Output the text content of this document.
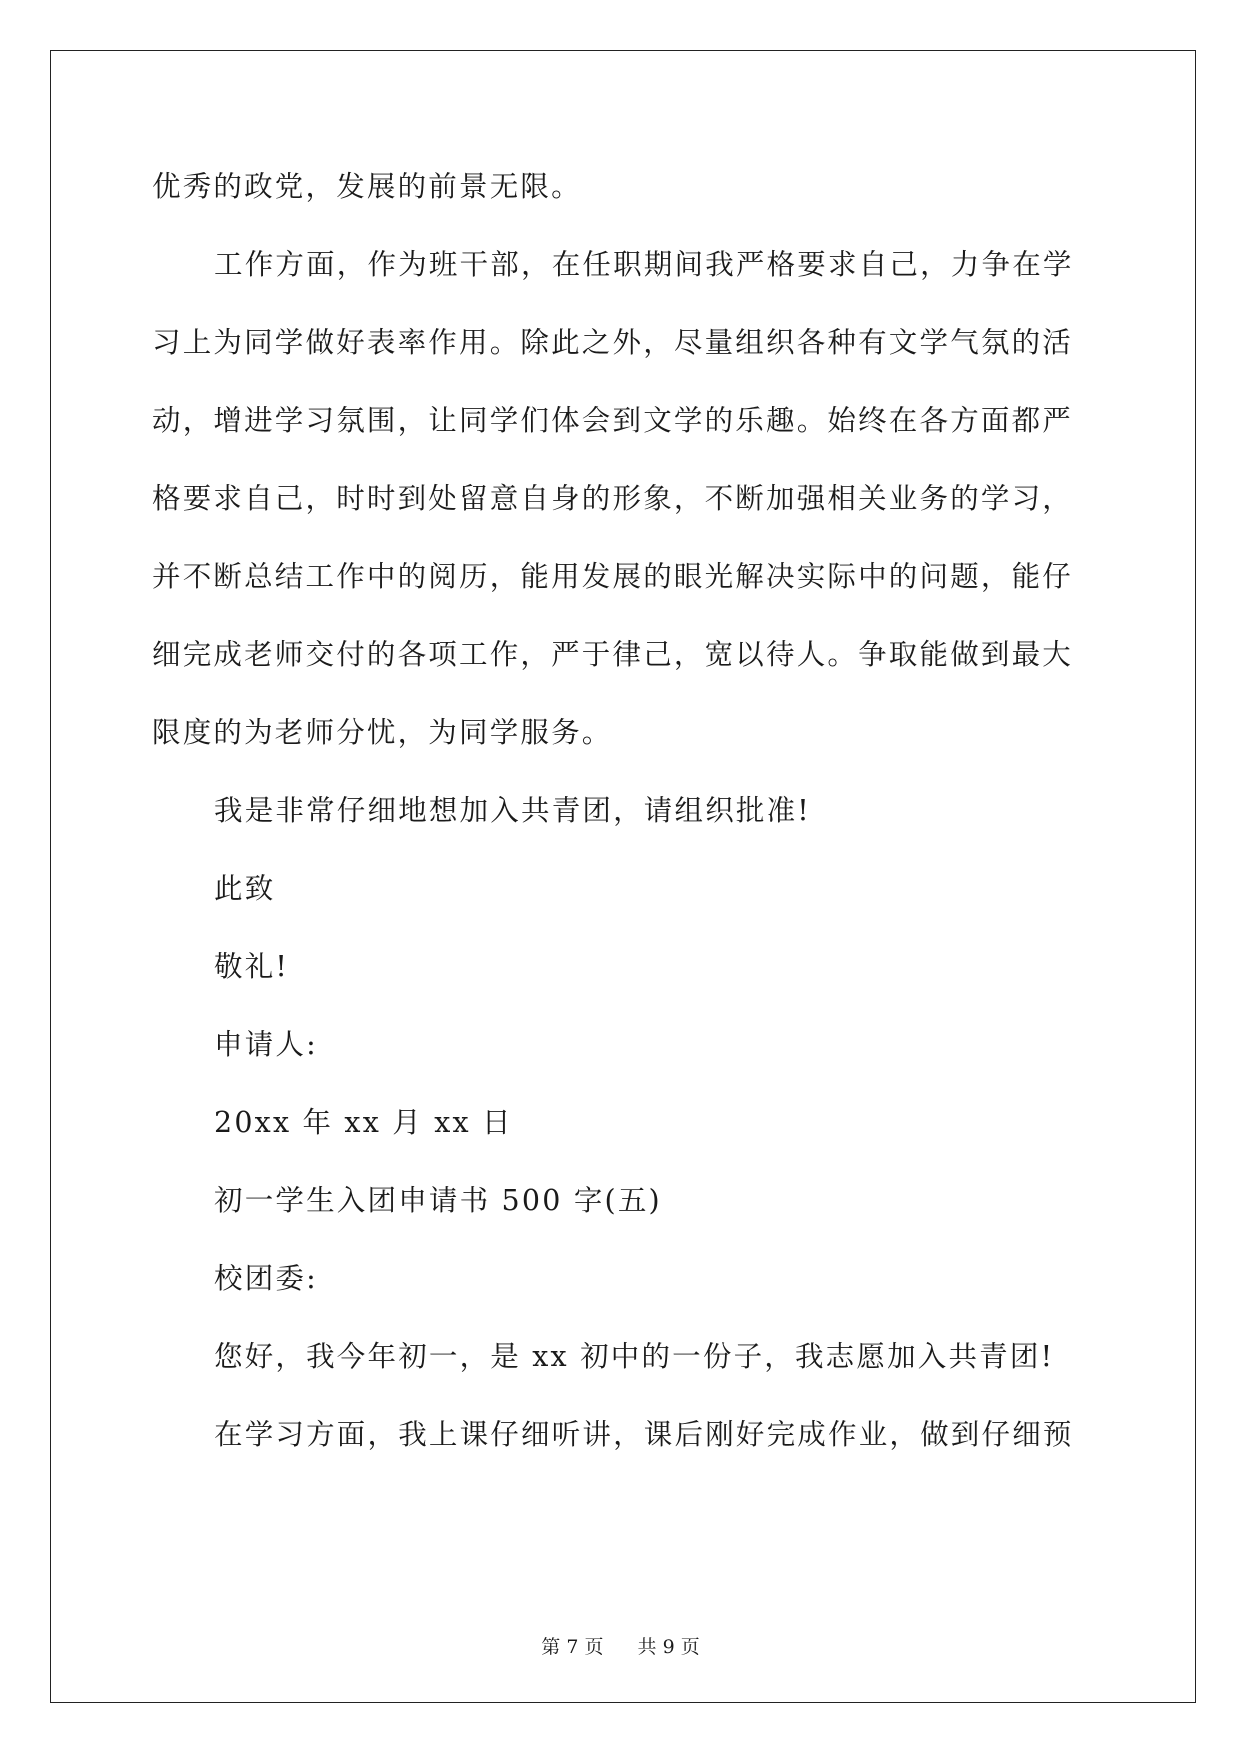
优秀的政党，发展的前景无限。
工作方面，作为班干部，在任职期间我严格要求自己，力争在学
习上为同学做好表率作用。除此之外，尽量组织各种有文学气氛的活
动，增进学习氛围，让同学们体会到文学的乐趣。始终在各方面都严
格要求自己，时时到处留意自身的形象，不断加强相关业务的学习，
并不断总结工作中的阅历，能用发展的眼光解决实际中的问题，能仔
细完成老师交付的各项工作，严于律己，宽以待人。争取能做到最大
限度的为老师分忧，为同学服务。
我是非常仔细地想加入共青团，请组织批准!
此致
敬礼!
申请人:
20xx 年 xx 月 xx 日
初一学生入团申请书 500 字(五)
校团委:
您好，我今年初一，是 xx 初中的一份子，我志愿加入共青团!
在学习方面，我上课仔细听讲，课后刚好完成作业，做到仔细预
第 7 页 共 9 页
